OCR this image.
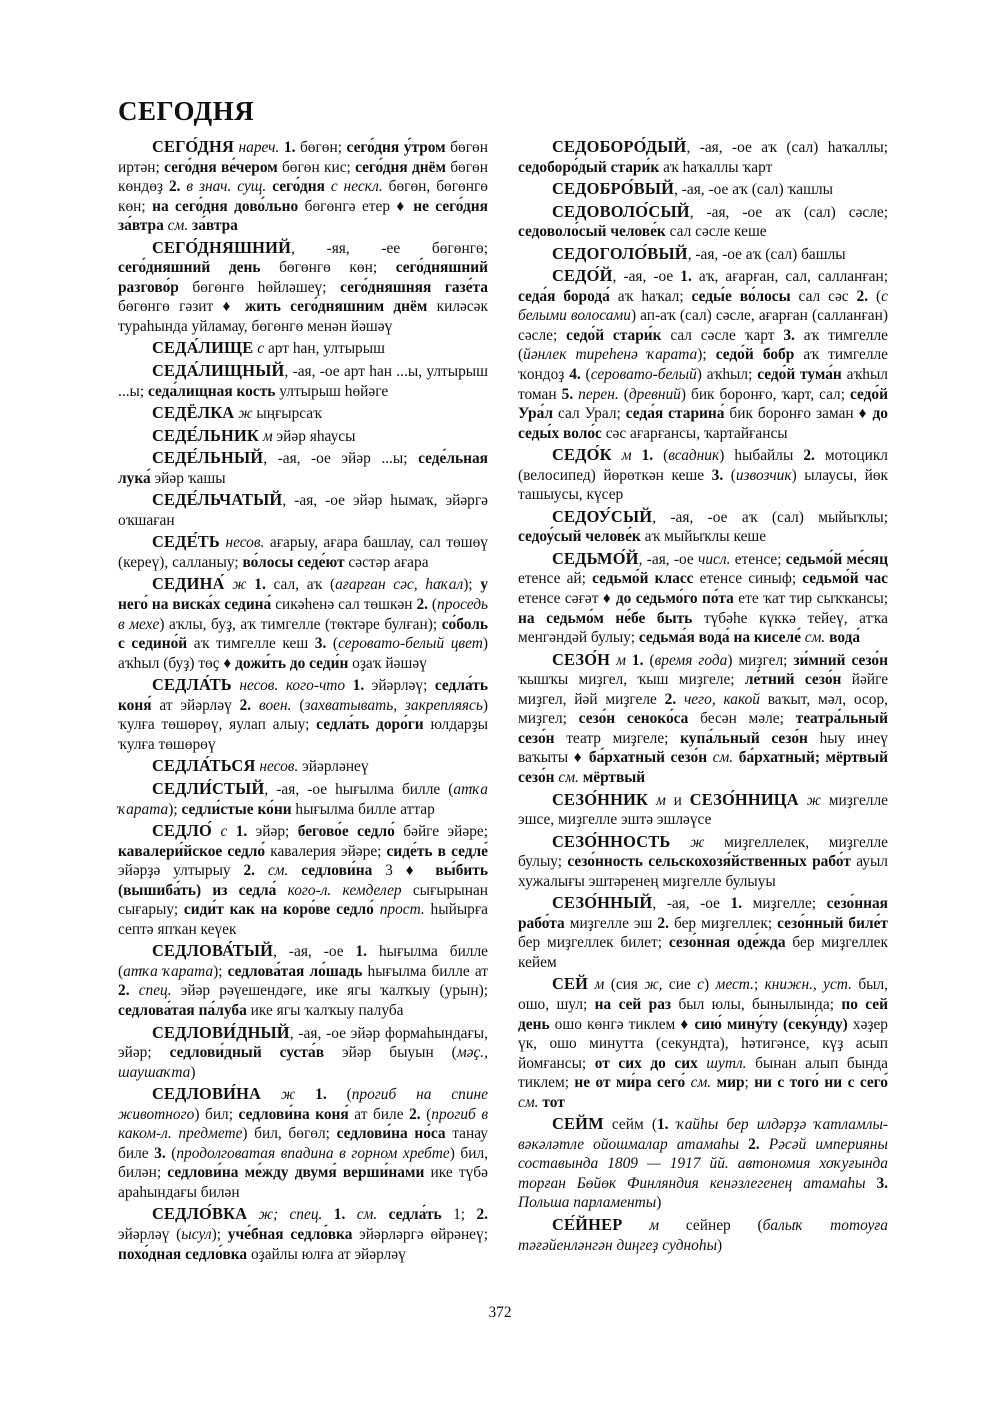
СЕГОДНЯ

СЕГО́ДНЯ нареч. 1. бөгөн; сего́дня у́тром бөгөн иртән; сего́дня ве́чером бөгөн кис; сего́дня днём бөгөн көндөҙ 2. в знач. сущ. сего́дня с нескл. бөгөн, бөгөнгө көн; на сего́дня дово́льно бөгөнгә етер ♦ не сего́дня за́втра см. за́втра

СЕГО́ДНЯШНИЙ, -яя, -ее бөгөнгө; сего́дняшний день бөгөнгө көн; сего́дняшний разгово́р бөгөнгө һөйләшеү; сего́дняшняя газе́та бөгөнгө гәзит ♦ жить сего́дняшним днём киләсәк тураһында уйламау, бөгөнгө менән йәшәү

СЕДА́ЛИЩЕ с арт һан, ултырыш

СЕДА́ЛИЩНЫЙ, -ая, -ое арт һан ...ы, ултырыш ...ы; седа́лищная кость ултырыш һөйәге

СЕДЁЛКА ж ыңғырсаҡ

СЕДЕ́ЛЬНИК м эйәр яһаусы

СЕДЕ́ЛЬНЫЙ, -ая, -ое эйәр ...ы; седе́льная лука́ эйәр ҡашы

СЕДЕ́ЛЬЧАТЫЙ, -ая, -ое эйәр һымаҡ, эйәргә оҡшаған

СЕДЕ́ТЬ несов. ағарыу, ағара башлау, сал төшөү (кереү), салланыу; во́лосы седе́ют сәстәр ағара

СЕДИНА́ ж 1. сал, аҡ (ағарған сәс, һаҡал); у него́ на виска́х седина́ сикәһенә сал төшкән 2. (проседь в мехе) аҡлы, буҙ, аҡ тимгелле (төктәре булған); со́боль с седино́й аҡ тимгелле кеш 3. (серовато-белый цвет) аҡһыл (буҙ) төҫ ♦ дожи́ть до седи́н оҙаҡ йәшәү

СЕДЛА́ТЬ несов. кого-что 1. эйәрләү; седла́ть коня́ ат эйәрләү 2. воен. (захватывать, закрепляясь) ҡулға төшөрөү, яулап алыу; седла́ть доро́ги юлдарҙы ҡулға төшөрөү

СЕДЛА́ТЬСЯ несов. эйәрләнеү

СЕДЛИ́СТЫЙ, -ая, -ое һығылма билле (атҡа ҡарата); седли́стые ко́ни һығылма билле аттар

СЕДЛО́ с 1. эйәр; бегово́е седло́ бәйге эйәре; кавалери́йское седло́ кавалерия эйәре; сиде́ть в седле́ эйәрҙә ултырыу 2. см. седлови́на 3 ♦ вы́бить (вышиба́ть) из седла́ кого-л. кемделер сығырынан сығарыу; сиди́т как на коро́ве седло́ прост. һыйырға септә япҡан кеүек

СЕДЛОВА́ТЫЙ, -ая, -ое 1. һығылма билле (атҡа ҡарата); седлова́тая ло́шадь һығылма билле ат 2. спец. эйәр рәүешендәге, ике ягы ҡалҡыу (урын); седлова́тая па́луба ике ягы ҡалҡыу палуба

СЕДЛОВИ́ДНЫЙ, -ая, -ое эйәр формаһындағы, эйәр; седлови́дный суста́в эйәр быуын (мәҫ., шаушаҡта)

СЕДЛОВИ́НА ж 1. (прогиб на спине животного) бил; седлови́на коня́ ат биле 2. (прогиб в каком-л. предмете) бил, бөгөл; седлови́на но́са танау биле 3. (продолговатая впадина в горном хребте) бил, билән; седлови́на ме́жду двумя́ верши́нами ике түбә араһындағы билән

СЕДЛО́ВКА ж; спец. 1. см. седла́ть 1; 2. эйәрләү (ысул); уче́бная седло́вка эйәрләргә өйрәнеү; похо́дная седло́вка оҙайлы юлға ат эйәрләү

СЕДОБОРО́ДЫЙ, -ая, -ое аҡ (сал) һаҡаллы; седоборо́дый стари́к аҡ һаҡаллы ҡарт

СЕДОБРО́ВЫЙ, -ая, -ое аҡ (сал) ҡашлы

СЕДОВОЛО́СЫЙ, -ая, -ое аҡ (сал) сәсле; седоволо́сый челове́к сал сәсле кеше

СЕДОГОЛО́ВЫЙ, -ая, -ое аҡ (сал) башлы

СЕДО́Й, -ая, -ое 1. аҡ, ағарған, сал, салланған; седа́я борода́ аҡ һаҡал; седы́е во́лосы сал сәс 2. (с белыми волосами) ап-аҡ (сал) сәсле, ағарған (салланған) сәсле; седо́й стари́к сал сәсле ҡарт 3. аҡ тимгелле (йәнлек тиреһенә ҡарата); седо́й бобр аҡ тимгелле ҡондоҙ 4. (серовато-белый) аҡһыл; седо́й тума́н аҡһыл томан 5. перен. (древний) бик боронғо, ҡарт, сал; седо́й Ура́л сал Урал; седа́я старина́ бик боронғо заман ♦ до седы́х воло́с сәс ағарғансы, ҡартайғансы

СЕДО́К м 1. (всадник) һыбайлы 2. мотоцикл (велосипед) йөрөткән кеше 3. (извозчик) ылаусы, йөк ташыусы, күсер

СЕДОУ́СЫЙ, -ая, -ое аҡ (сал) мыйыҡлы; седоу́сый челове́к аҡ мыйыҡлы кеше

СЕДЬМО́Й, -ая, -ое числ. етенсе; седьмо́й ме́сяц етенсе ай; седьмо́й класс етенсе синыф; седьмо́й час етенсе сәғәт ♦ до седьмо́го по́та ете ҡат тир сыҡҡансы; на седьмо́м не́бе быть түбәһе күккә тейеү, атҡа менгәндәй булыу; седьма́я вода́ на киселе́ см. вода́

СЕЗО́Н м 1. (время года) миҙгел; зи́мний сезо́н ҡышҡы миҙгел, ҡыш миҙгеле; ле́тний сезо́н йәйге миҙгел, йәй миҙгеле 2. чего, какой ваҡыт, мәл, осор, миҙгел; сезо́н сеноко́са бесән мәле; театра́льный сезо́н театр миҙгеле; купа́льный сезо́н һыу инеү ваҡыты ♦ ба́рхатный сезо́н см. ба́рхатный; мёртвый сезо́н см. мёртвый

СЕЗО́ННИК м и СЕЗО́ННИЦА ж миҙгелле эшсе, миҙгелле эштә эшләүсе

СЕЗО́ННОСТЬ ж миҙгеллелек, миҙгелле булыу; сезо́нность сельскохозя́йственных рабо́т ауыл хужалығы эштәренең миҙгелле булыуы

СЕЗО́ННЫЙ, -ая, -ое 1. миҙгелле; сезо́нная рабо́та миҙгелле эш 2. бер миҙгеллек; сезо́нный биле́т бер миҙгеллек билет; сезо́нная оде́жда бер миҙгеллек кейем

СЕЙ м (сия ж, сие с) мест.; книжн., уст. был, ошо, шул; на сей раз был юлы, бынылында; по сей день ошо көнгә тиклем ♦ сию́ мину́ту (секу́нду) хәҙер үк, ошо минутта (секундта), һәтигәнсе, күҙ асып йомғансы; от сих до сих шутл. бынан алып бында тиклем; не от ми́ра сего́ см. мир; ни с того́ ни с сего́ см. тот

СЕЙМ сейм (1. ҡайһы бер илдәрҙә ҡатламлы-вәкәләтле ойошмалар атамаһы 2. Рәсәй империяны составында 1809 — 1917 йй. автономия хоҡуғында торған Бөйөк Финляндия кенәзлегенең атамаһы 3. Польша парламенты)

СЕ́ЙНЕР м сейнер (балыҡ тотоуға тәғәйенләнгән диңгеҙ судноһы)

372
